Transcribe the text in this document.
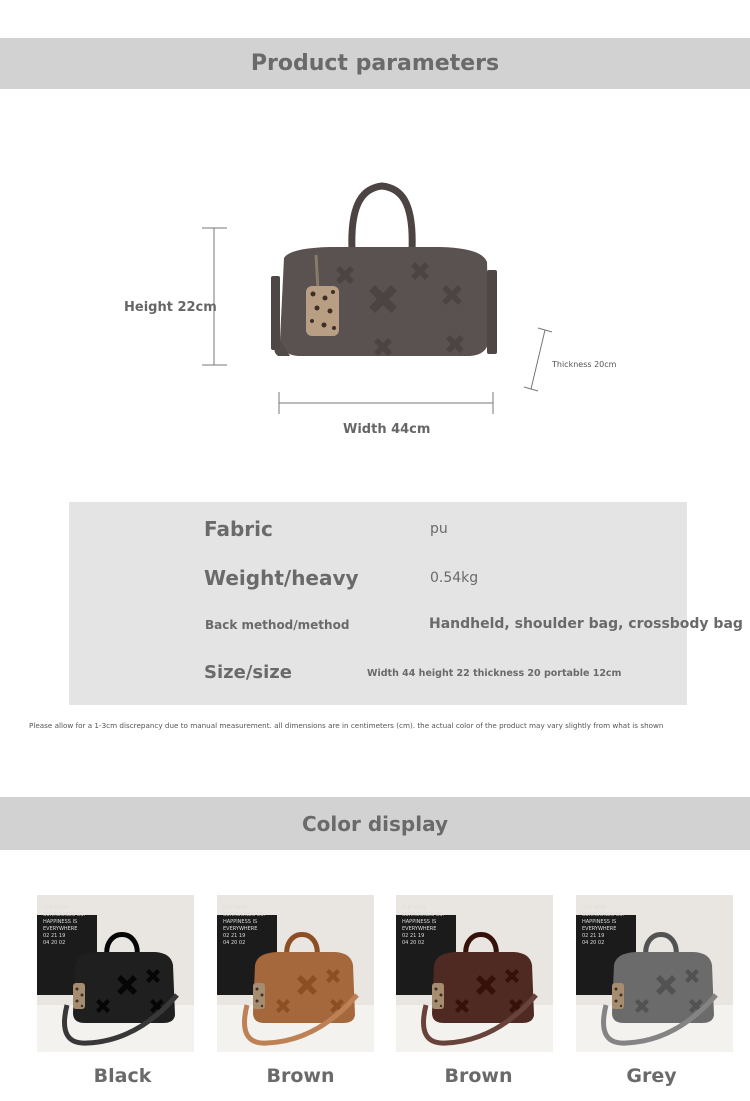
Product parameters
Height 22cm
Width 44cm
Thickness 20cm
Fabric	pu
Weight/heavy	0.54kg
Back method/method	Handheld, shoulder bag, crossbody bag
Size/size	Width 44 height 22 thickness 20 portable 12cm
Please allow for a 1-3cm discrepancy due to manual measurement. all dimensions are in centimeters (cm). the actual color of the product may vary slightly from what is shown
Color display
FLIP NOW
SURROUNDS US.
HAPPINESS IS
EVERYWHERE
02 21 19
04 20 02
FLIP NOW
SURROUNDS US.
HAPPINESS IS
EVERYWHERE
02 21 19
04 20 02
FLIP NOW
SURROUNDS US.
HAPPINESS IS
EVERYWHERE
02 21 19
04 20 02
FLIP NOW
SURROUNDS US.
HAPPINESS IS
EVERYWHERE
02 21 19
04 20 02
Black	Brown	Brown	Grey
